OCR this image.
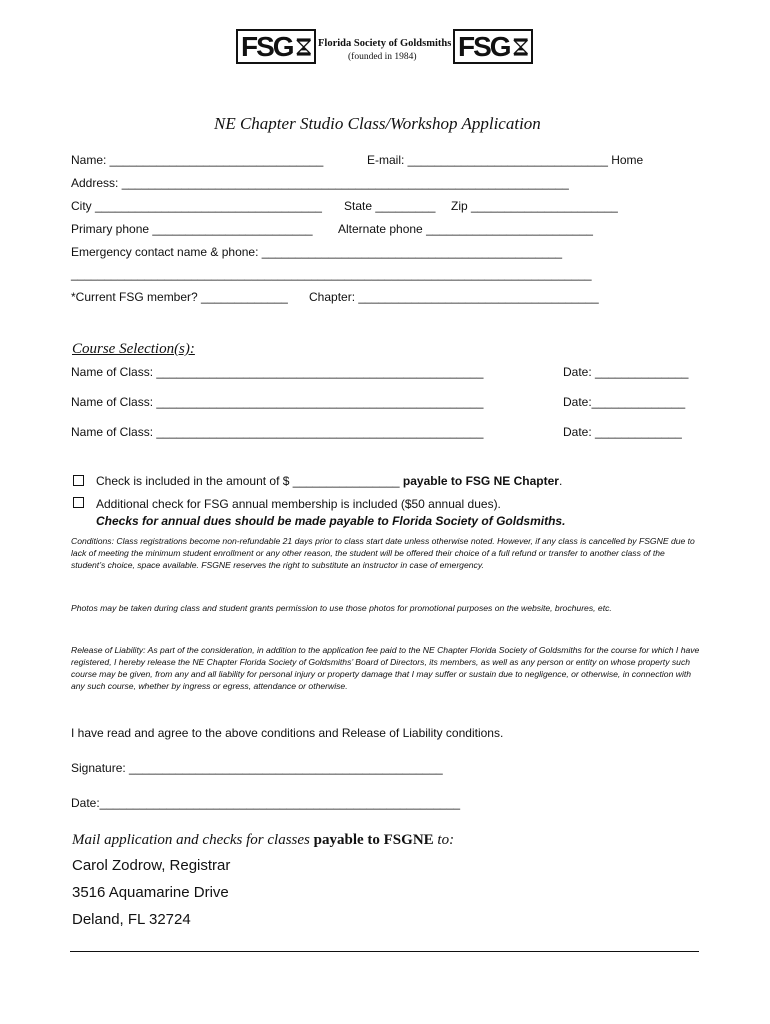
FSG Florida Society of Goldsmiths
(founded in 1984) FSG
NE Chapter Studio Class/Workshop Application
Name: ________________________________	E-mail: ______________________________ Home
Address: ___________________________________________________________________
City __________________________________ State _________ Zip ______________________
Primary phone ________________________ Alternate phone _________________________
Emergency contact name & phone: _____________________________________________
______________________________________________________________________________
*Current FSG member? _____________ Chapter: ____________________________________
Course Selection(s):
Name of Class: _________________________________________________	Date: ______________
Name of Class: _________________________________________________	Date:______________
Name of Class: _________________________________________________	Date: _____________
Check is included in the amount of $ ________________ payable to FSG NE Chapter.
Additional check for FSG annual membership is included ($50 annual dues).
Checks for annual dues should be made payable to Florida Society of Goldsmiths.
Conditions: Class registrations become non-refundable 21 days prior to class start date unless otherwise noted. However, if any class is cancelled by FSGNE due to lack of meeting the minimum student enrollment or any other reason, the student will be offered their choice of a full refund or transfer to another class of the student’s choice, space available. FSGNE reserves the right to substitute an instructor in case of emergency.
Photos may be taken during class and student grants permission to use those photos for promotional purposes on the website, brochures, etc.
Release of Liability: As part of the consideration, in addition to the application fee paid to the NE Chapter Florida Society of Goldsmiths for the course for which I have registered, I hereby release the NE Chapter Florida Society of Goldsmiths’ Board of Directors, its members, as well as any person or entity on whose property such course may be given, from any and all liability for personal injury or property damage that I may suffer or sustain due to negligence, or otherwise, in connection with any such course, whether by ingress or egress, attendance or otherwise.
I have read and agree to the above conditions and Release of Liability conditions.
Signature: _______________________________________________
Date:______________________________________________________
Mail application and checks for classes payable to FSGNE to:
Carol Zodrow, Registrar
3516 Aquamarine Drive
Deland, FL 32724
